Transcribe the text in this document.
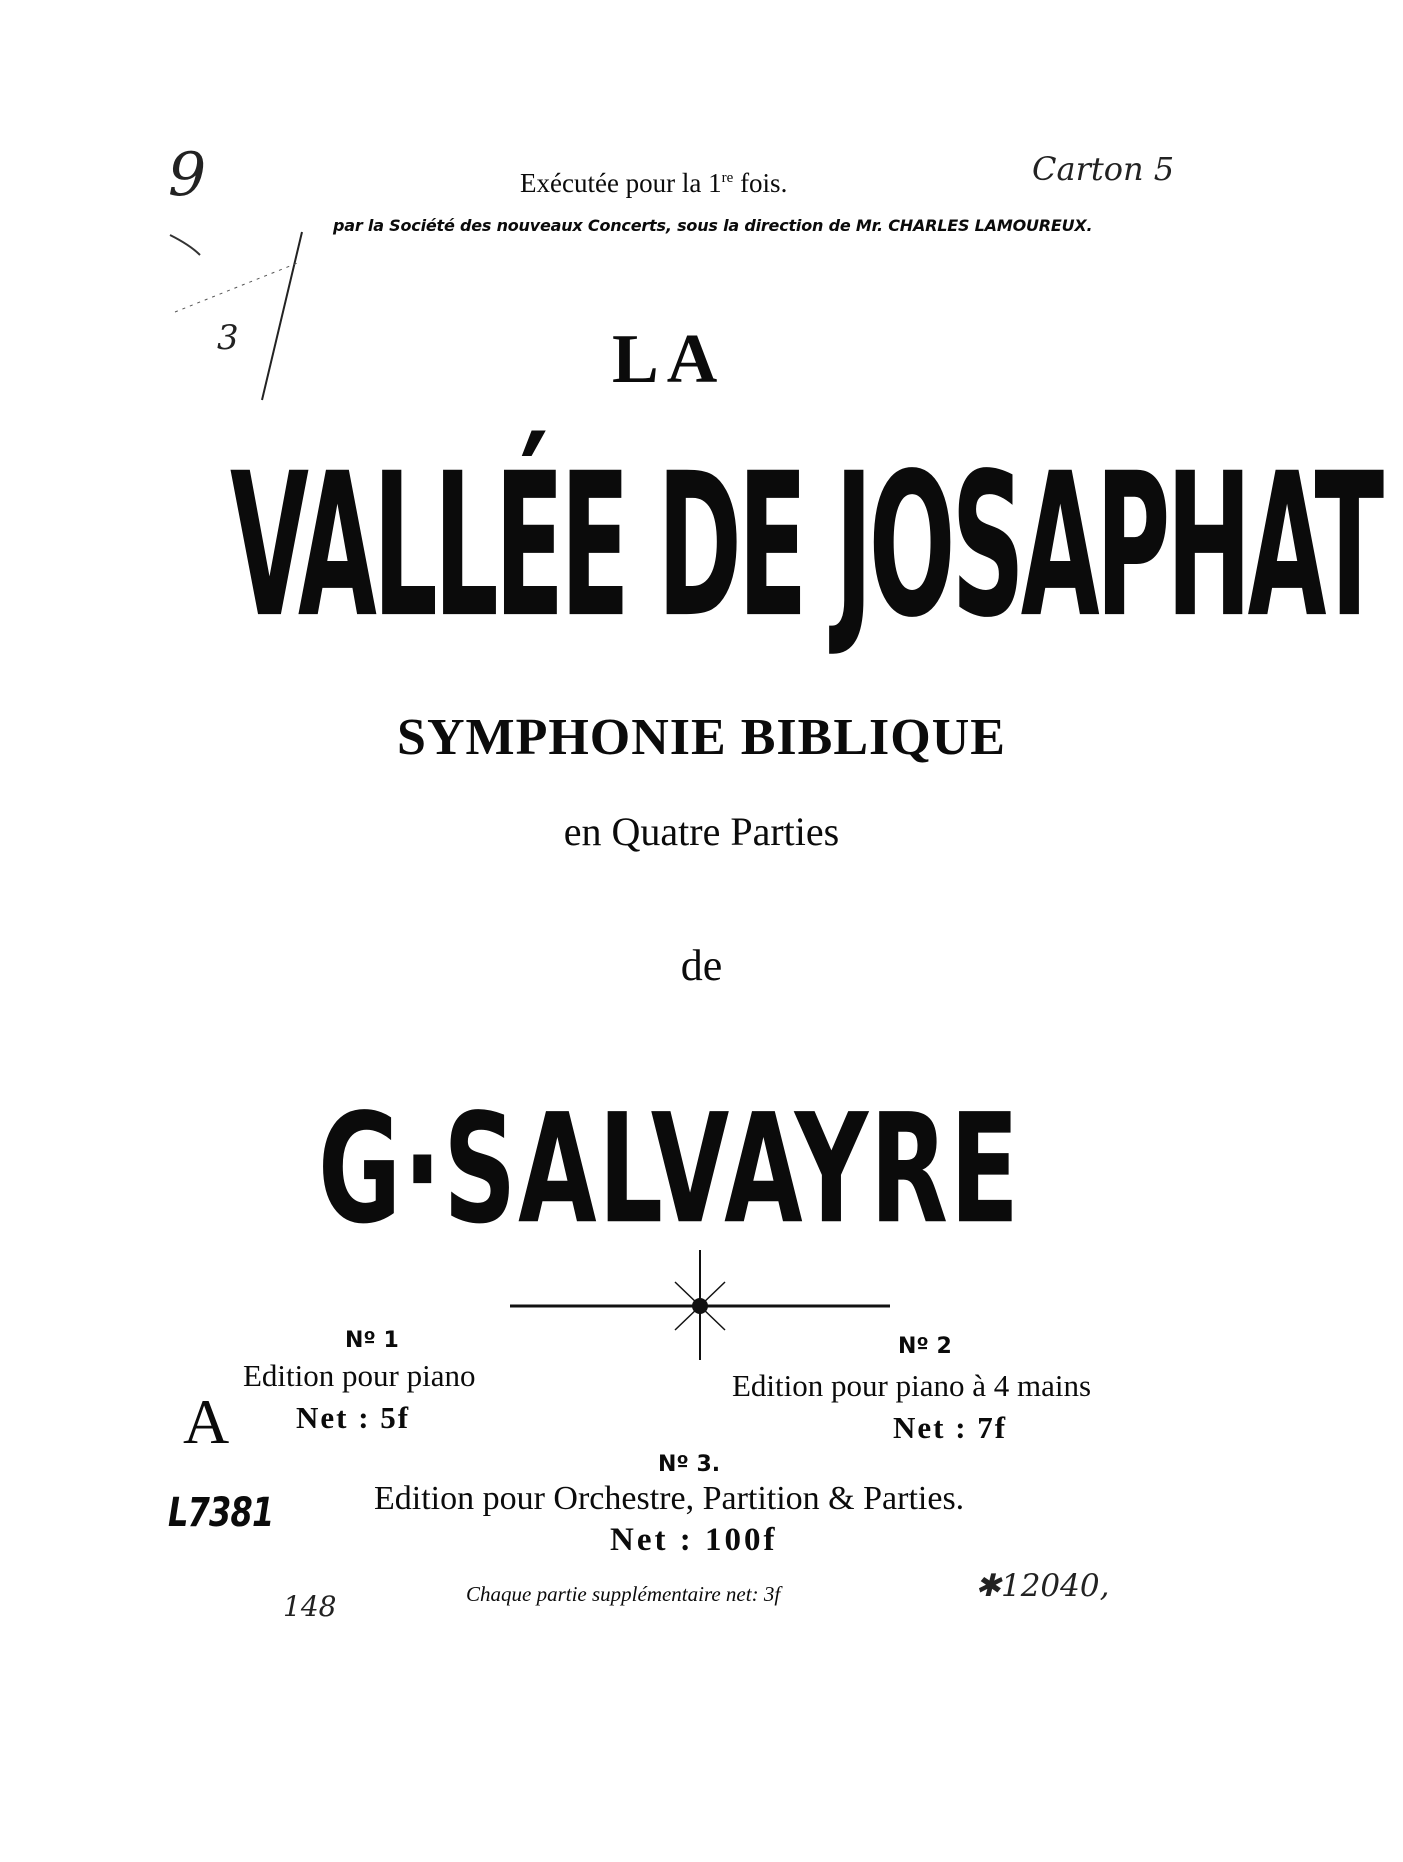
9	Carton 5
3
Exécutée pour la 1re fois.
par la Société des nouveaux Concerts, sous la direction de Mr. CHARLES LAMOUREUX.
LA
VALLÉE DE JOSAPHAT
SYMPHONIE BIBLIQUE
en Quatre Parties
de
G·SALVAYRE
Nº 1
Edition pour piano
Net : 5f
Nº 2
Edition pour piano à 4 mains
Net : 7f
Nº 3.
Edition pour Orchestre, Partition & Parties.
Net : 100f
Chaque partie supplémentaire net: 3f
A
L7381
✱12040,
148
